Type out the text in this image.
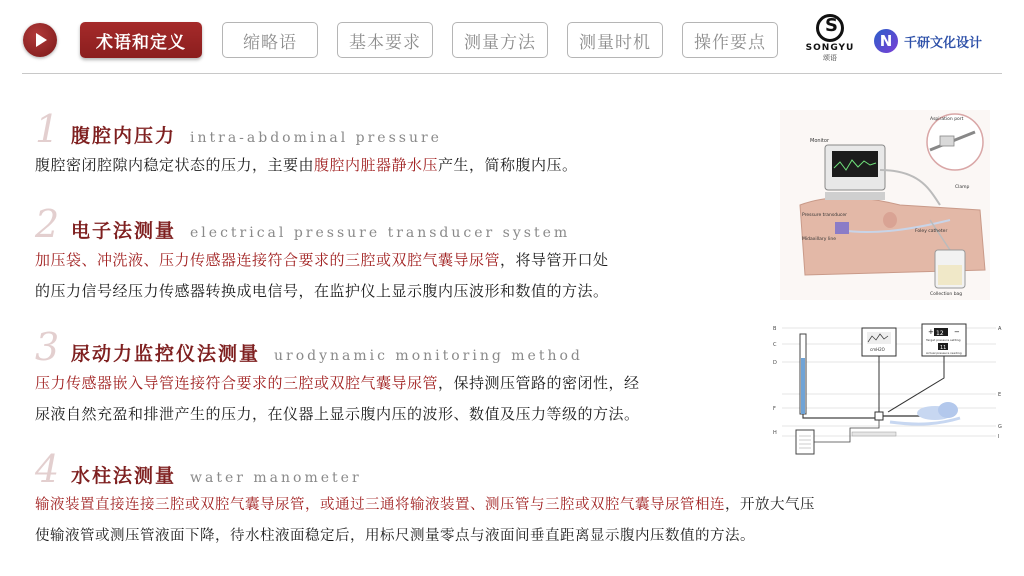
术语和定义	缩略语	基本要求	测量方法	测量时机	操作要点
S	SONGYU
颂语
N 千研文化设计
1 腹腔内压力 intra-abdominal pressure
腹腔密闭腔隙内稳定状态的压力，主要由腹腔内脏器静水压产生，简称腹内压。
2 电子法测量 electrical pressure transducer system
加压袋、冲洗液、压力传感器连接符合要求的三腔或双腔气囊导尿管，将导管开口处
的压力信号经压力传感器转换成电信号，在监护仪上显示腹内压波形和数值的方法。
3 尿动力监控仪法测量 urodynamic monitoring method
压力传感器嵌入导管连接符合要求的三腔或双腔气囊导尿管，保持测压管路的密闭性，经
尿液自然充盈和排泄产生的压力，在仪器上显示腹内压的波形、数值及压力等级的方法。
4 水柱法测量 water manometer
输液装置直接连接三腔或双腔气囊导尿管，或通过三通将输液装置、测压管与三腔或双腔气囊导尿管相连，开放大气压
使输液管或测压管液面下降，待水柱液面稳定后，用标尺测量零点与液面间垂直距离显示腹内压数值的方法。
Monitor
Aspiration port
Clamp
Pressure transducer
Foley catheter
Midaxillary line
Collection bag
B
C
D
F
H
A
E
G
I
cmH2O
+ 12 −
Target pressure setting
11
Actual pressure reading
